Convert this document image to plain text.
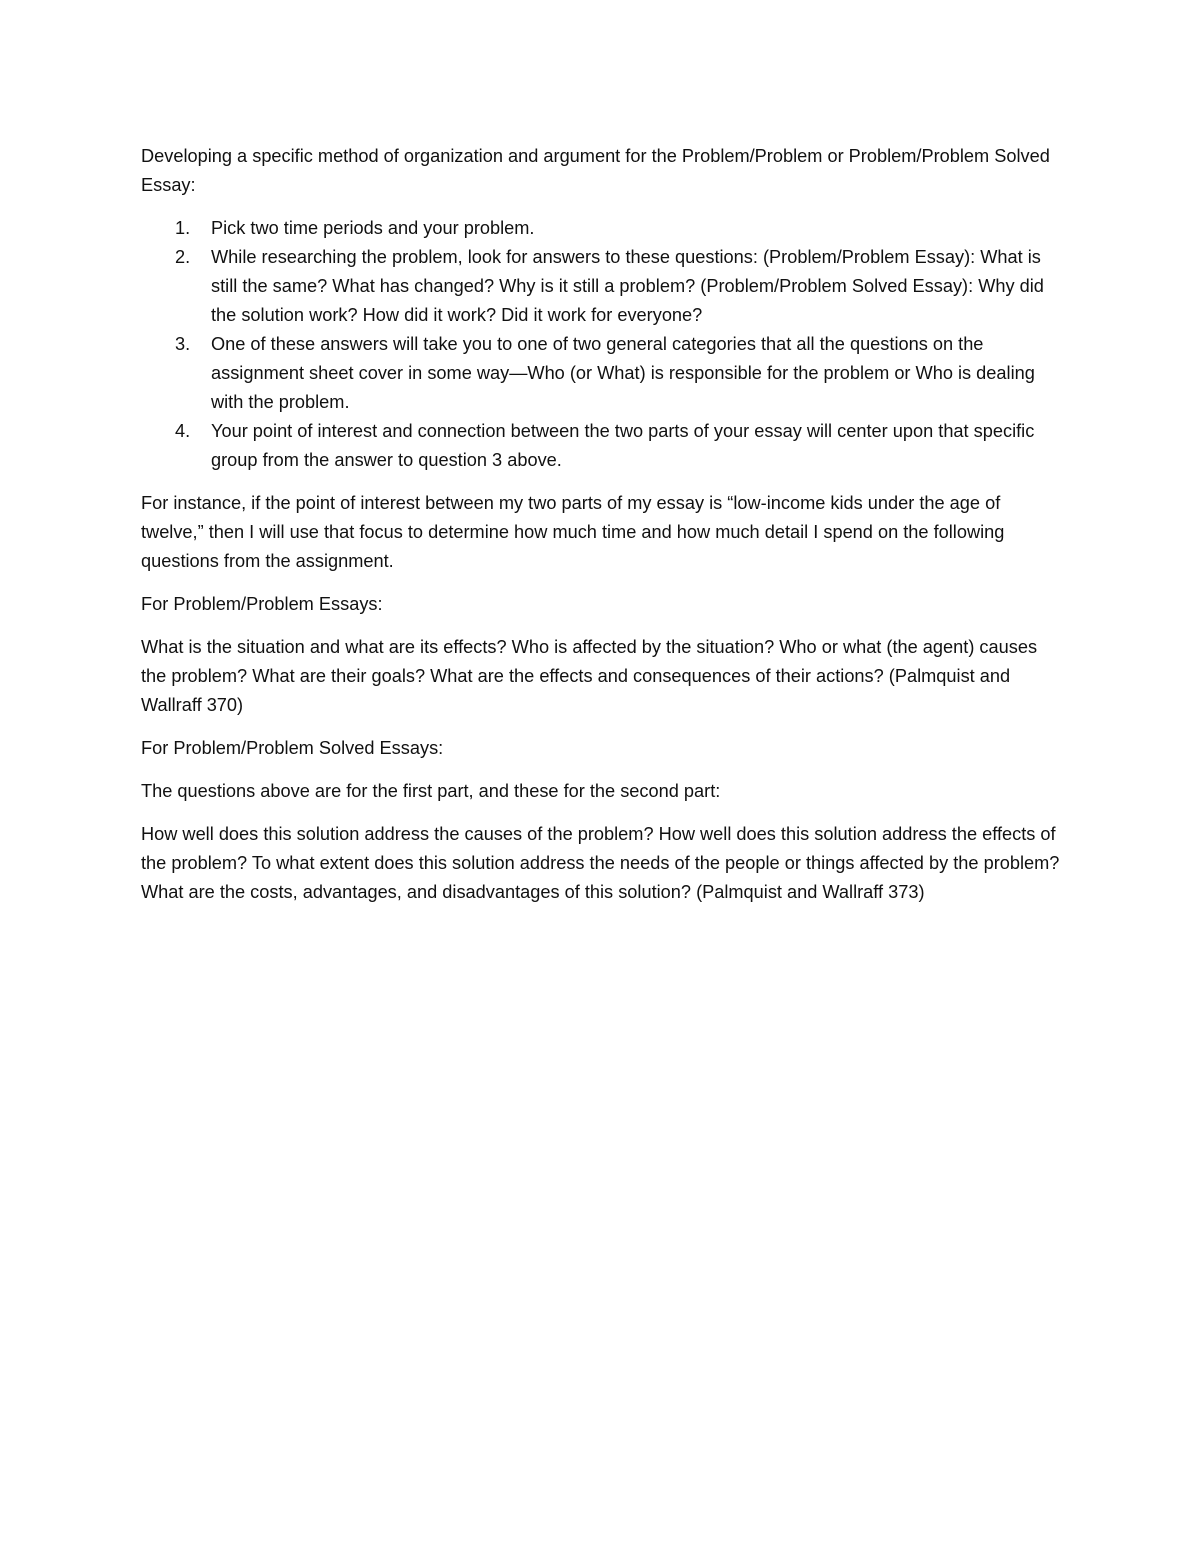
Developing a specific method of organization and argument for the Problem/Problem or Problem/Problem Solved Essay:

1.	Pick two time periods and your problem.
2.	While researching the problem, look for answers to these questions: (Problem/Problem Essay): What is still the same? What has changed? Why is it still a problem? (Problem/Problem Solved Essay): Why did the solution work? How did it work? Did it work for everyone?
3.	One of these answers will take you to one of two general categories that all the questions on the assignment sheet cover in some way—Who (or What) is responsible for the problem or Who is dealing with the problem.
4.	Your point of interest and connection between the two parts of your essay will center upon that specific group from the answer to question 3 above.

For instance, if the point of interest between my two parts of my essay is “low-income kids under the age of twelve,” then I will use that focus to determine how much time and how much detail I spend on the following questions from the assignment.

For Problem/Problem Essays:

What is the situation and what are its effects? Who is affected by the situation? Who or what (the agent) causes the problem? What are their goals? What are the effects and consequences of their actions? (Palmquist and Wallraff 370)

For Problem/Problem Solved Essays:

The questions above are for the first part, and these for the second part:

How well does this solution address the causes of the problem? How well does this solution address the effects of the problem? To what extent does this solution address the needs of the people or things affected by the problem? What are the costs, advantages, and disadvantages of this solution? (Palmquist and Wallraff 373)
